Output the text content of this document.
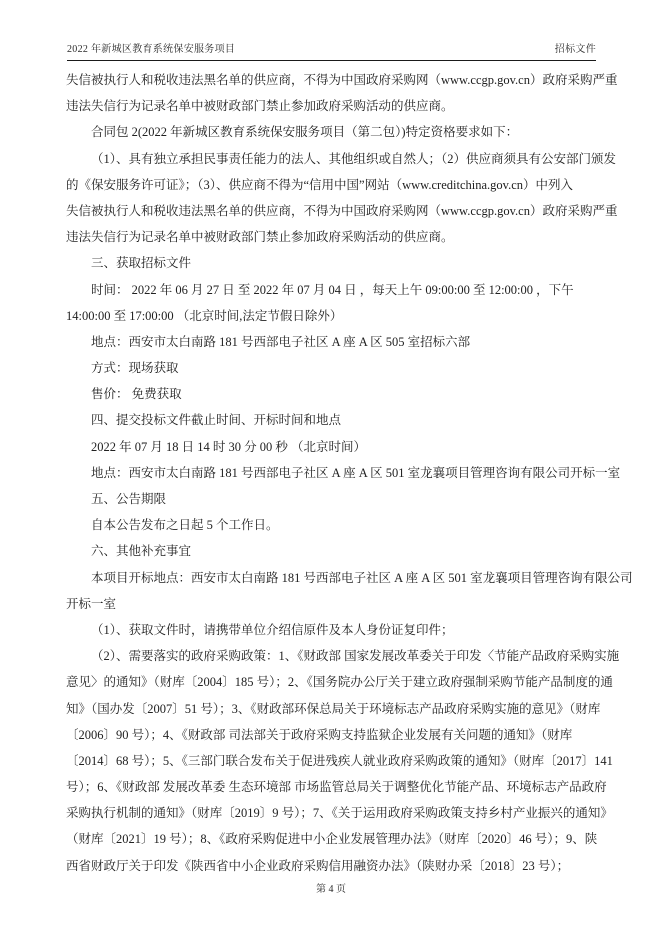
2022 年新城区教育系统保安服务项目	招标文件
失信被执行人和税收违法黑名单的供应商，不得为中国政府采购网（www.ccgp.gov.cn）政府采购严重
违法失信行为记录名单中被财政部门禁止参加政府采购活动的供应商。
合同包 2(2022 年新城区教育系统保安服务项目（第二包）)特定资格要求如下：
（1）、具有独立承担民事责任能力的法人、其他组织或自然人；（2）供应商须具有公安部门颁发
的《保安服务许可证》；（3）、供应商不得为“信用中国”网站（www.creditchina.gov.cn）中列入
失信被执行人和税收违法黑名单的供应商，不得为中国政府采购网（www.ccgp.gov.cn）政府采购严重
违法失信行为记录名单中被财政部门禁止参加政府采购活动的供应商。
三、获取招标文件
时间： 2022 年 06 月 27 日 至 2022 年 07 月 04 日 ，每天上午 09:00:00 至 12:00:00 ，下午
14:00:00 至 17:00:00 （北京时间,法定节假日除外）
地点：西安市太白南路 181 号西部电子社区 A 座 A 区 505 室招标六部
方式：现场获取
售价： 免费获取
四、提交投标文件截止时间、开标时间和地点
2022 年 07 月 18 日 14 时 30 分 00 秒 （北京时间）
地点：西安市太白南路 181 号西部电子社区 A 座 A 区 501 室龙襄项目管理咨询有限公司开标一室
五、公告期限
自本公告发布之日起 5 个工作日。
六、其他补充事宜
本项目开标地点：西安市太白南路 181 号西部电子社区 A 座 A 区 501 室龙襄项目管理咨询有限公司
开标一室
（1）、获取文件时，请携带单位介绍信原件及本人身份证复印件；
（2）、需要落实的政府采购政策：1、《财政部 国家发展改革委关于印发〈节能产品政府采购实施
意见〉的通知》（财库〔2004〕185 号）；2、《国务院办公厅关于建立政府强制采购节能产品制度的通
知》（国办发〔2007〕51 号）；3、《财政部环保总局关于环境标志产品政府采购实施的意见》（财库
〔2006〕90 号）；4、《财政部 司法部关于政府采购支持监狱企业发展有关问题的通知》（财库
〔2014〕68 号）；5、《三部门联合发布关于促进残疾人就业政府采购政策的通知》（财库〔2017〕141
号）；6、《财政部 发展改革委 生态环境部 市场监管总局关于调整优化节能产品、环境标志产品政府
采购执行机制的通知》（财库〔2019〕9 号）；7、《关于运用政府采购政策支持乡村产业振兴的通知》
（财库〔2021〕19 号）；8、《政府采购促进中小企业发展管理办法》（财库〔2020〕46 号）；9、陕
西省财政厅关于印发《陕西省中小企业政府采购信用融资办法》（陕财办采〔2018〕23 号）；
第 4 页
